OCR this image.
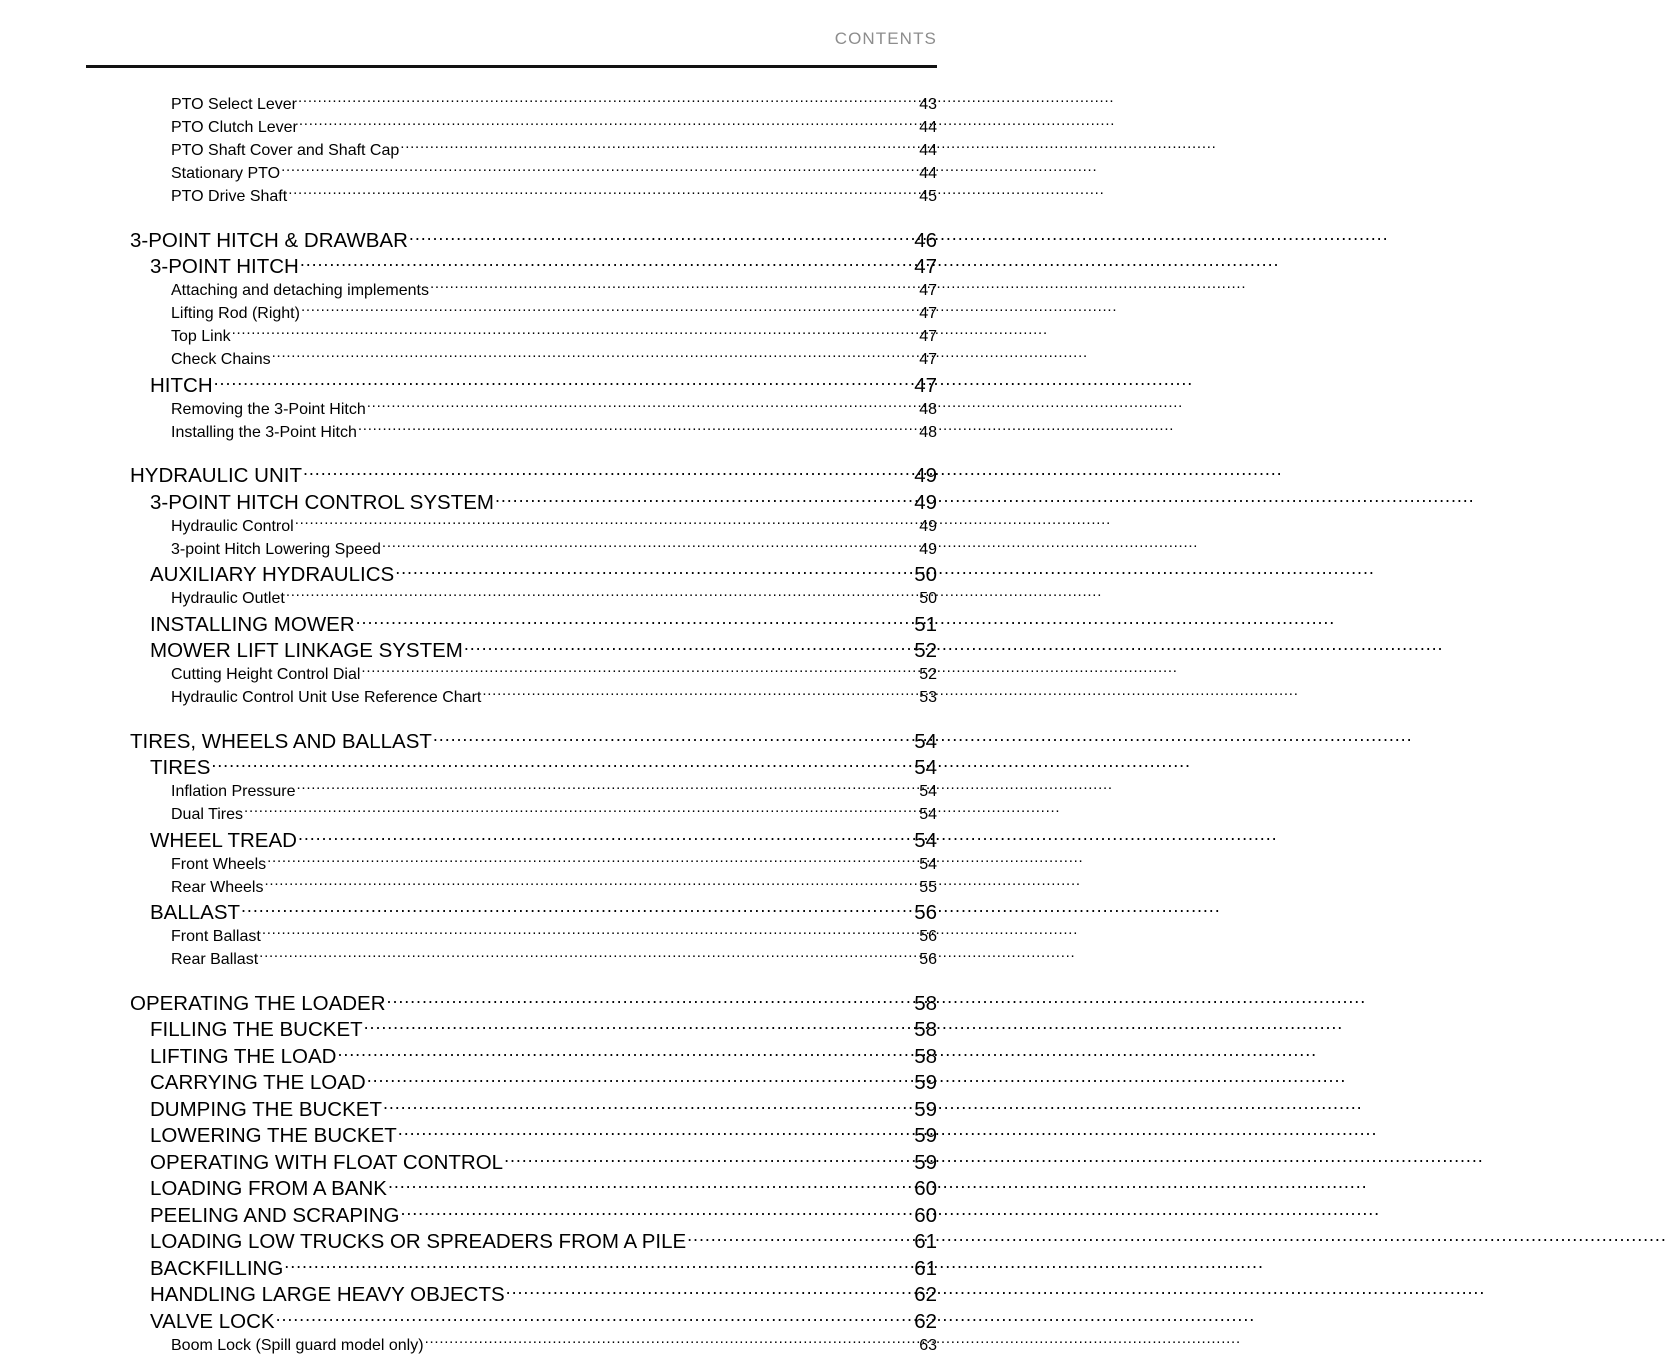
CONTENTS
PTO Select Lever .....	43
PTO Clutch Lever .....	44
PTO Shaft Cover and Shaft Cap .....	44
Stationary PTO .....	44
PTO Drive Shaft .....	45
3-POINT HITCH & DRAWBAR .....	46
3-POINT HITCH .....	47
Attaching and detaching implements .....	47
Lifting Rod (Right) .....	47
Top Link .....	47
Check Chains .....	47
HITCH .....	47
Removing the 3-Point Hitch .....	48
Installing the 3-Point Hitch .....	48
HYDRAULIC UNIT .....	49
3-POINT HITCH CONTROL SYSTEM .....	49
Hydraulic Control .....	49
3-point Hitch Lowering Speed .....	49
AUXILIARY HYDRAULICS .....	50
Hydraulic Outlet .....	50
INSTALLING MOWER .....	51
MOWER LIFT LINKAGE SYSTEM .....	52
Cutting Height Control Dial .....	52
Hydraulic Control Unit Use Reference Chart .....	53
TIRES, WHEELS AND BALLAST .....	54
TIRES .....	54
Inflation Pressure .....	54
Dual Tires .....	54
WHEEL TREAD .....	54
Front Wheels .....	54
Rear Wheels .....	55
BALLAST .....	56
Front Ballast .....	56
Rear Ballast .....	56
OPERATING THE LOADER .....	58
FILLING THE BUCKET .....	58
LIFTING THE LOAD .....	58
CARRYING THE LOAD .....	59
DUMPING THE BUCKET .....	59
LOWERING THE BUCKET .....	59
OPERATING WITH FLOAT CONTROL .....	59
LOADING FROM A BANK .....	60
PEELING AND SCRAPING .....	60
LOADING LOW TRUCKS OR SPREADERS FROM A PILE .....	61
BACKFILLING .....	61
HANDLING LARGE HEAVY OBJECTS .....	62
VALVE LOCK .....	62
Boom Lock (Spill guard model only) .....	63
